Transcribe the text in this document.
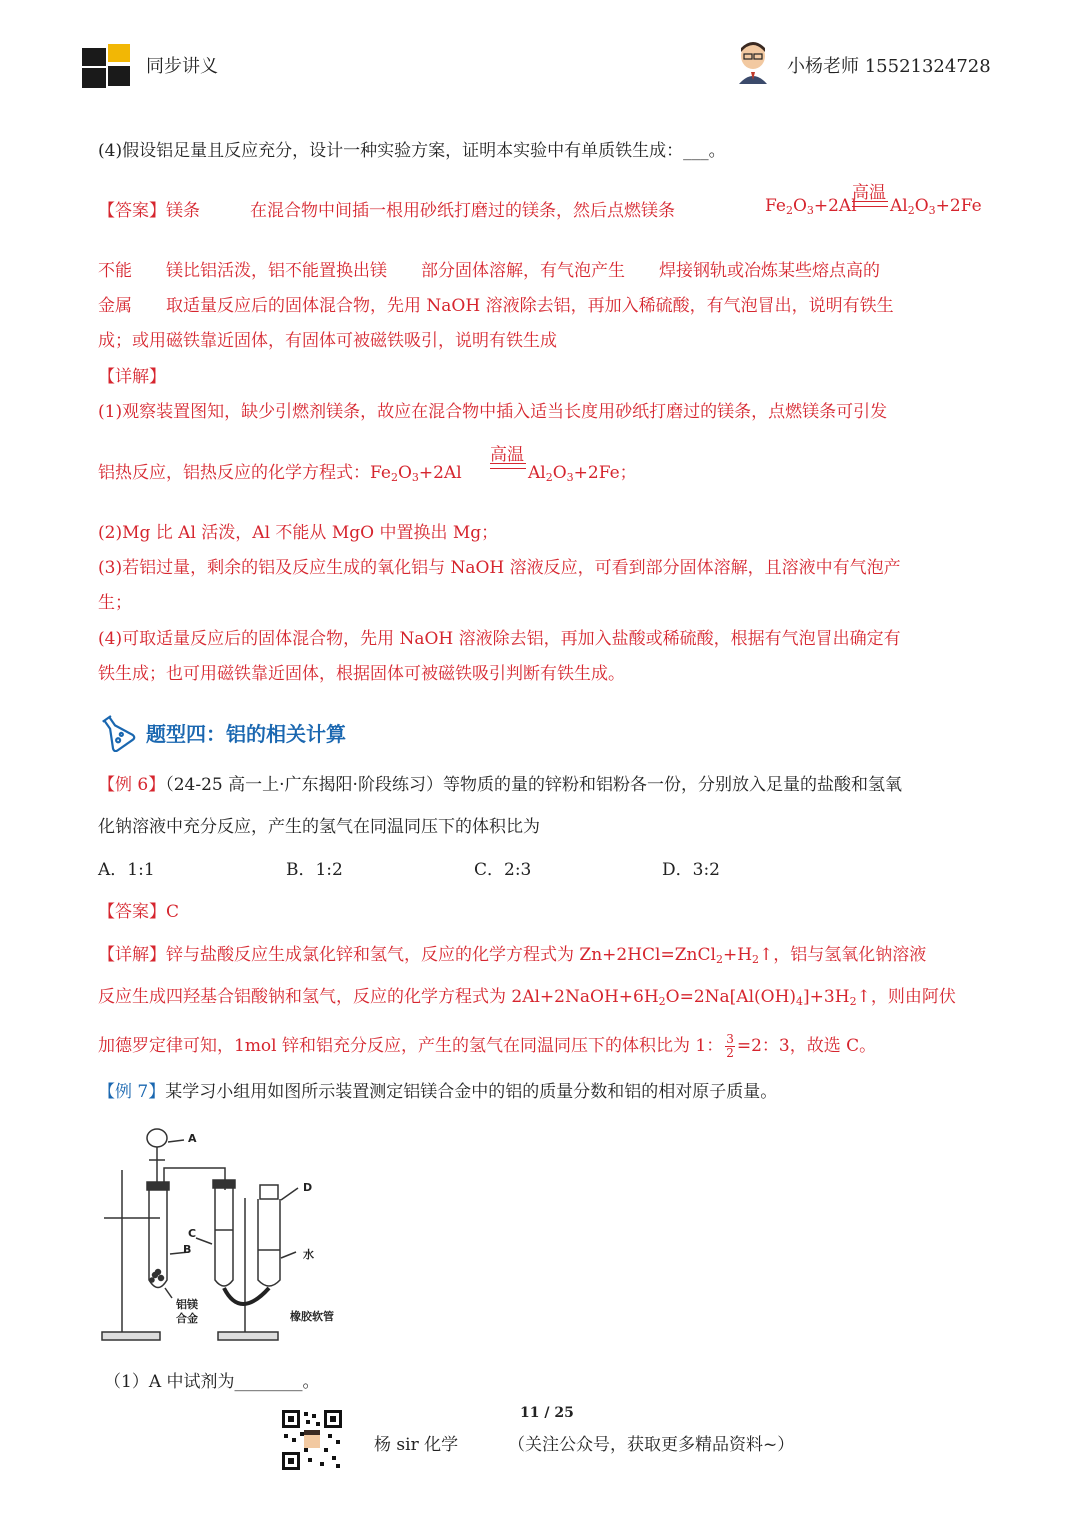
同步讲义	小杨老师 15521324728
(4)假设铝足量且反应充分，设计一种实验方案，证明本实验中有单质铁生成：___。
【答案】镁条	在混合物中间插一根用砂纸打磨过的镁条，然后点燃镁条	$Fe_2O_3+2Al$
高温
$Al_2O_3+2Fe$
不能　　镁比铝活泼，铝不能置换出镁　　部分固体溶解，有气泡产生　　焊接钢轨或冶炼某些熔点高的
金属　　取适量反应后的固体混合物，先用 NaOH 溶液除去铝，再加入稀硫酸，有气泡冒出，说明有铁生
成；或用磁铁靠近固体，有固体可被磁铁吸引，说明有铁生成
【详解】
(1)观察装置图知，缺少引燃剂镁条，故应在混合物中插入适当长度用砂纸打磨过的镁条，点燃镁条可引发
铝热反应，铝热反应的化学方程式：$Fe_2O_3+2Al$
高温
$Al_2O_3+2Fe$；
(2)Mg 比 Al 活泼，Al 不能从 MgO 中置换出 Mg；
(3)若铝过量，剩余的铝及反应生成的氧化铝与 NaOH 溶液反应，可看到部分固体溶解，且溶液中有气泡产
生；
(4)可取适量反应后的固体混合物，先用 NaOH 溶液除去铝，再加入盐酸或稀硫酸，根据有气泡冒出确定有
铁生成；也可用磁铁靠近固体，根据固体可被磁铁吸引判断有铁生成。
题型四：铝的相关计算
【例 6】（24-25 高一上·广东揭阳·阶段练习）等物质的量的锌粉和铝粉各一份，分别放入足量的盐酸和氢氧
化钠溶液中充分反应，产生的氢气在同温同压下的体积比为
A．1:1	B．1:2	C．2:3	D．3:2
【答案】C
【详解】锌与盐酸反应生成氯化锌和氢气，反应的化学方程式为 $Zn+2HCl=ZnCl_2+H_2↑$，铝与氢氧化钠溶液
反应生成四羟基合铝酸钠和氢气，反应的化学方程式为 $2Al+2NaOH+6H_2O=2Na[Al(OH)_4]+3H_2↑$，则由阿伏
加德罗定律可知，1mol 锌和铝充分反应，产生的氢气在同温同压下的体积比为 1： $\frac{3}{2} =2$：3，故选 C。
【例 7】某学习小组用如图所示装置测定铝镁合金中的铝的质量分数和铝的相对原子质量。
A
D
C
B	水
铝镁
合金	橡胶软管
（1）A 中试剂为________。
11 / 25
杨 sir 化学	（关注公众号，获取更多精品资料~）
